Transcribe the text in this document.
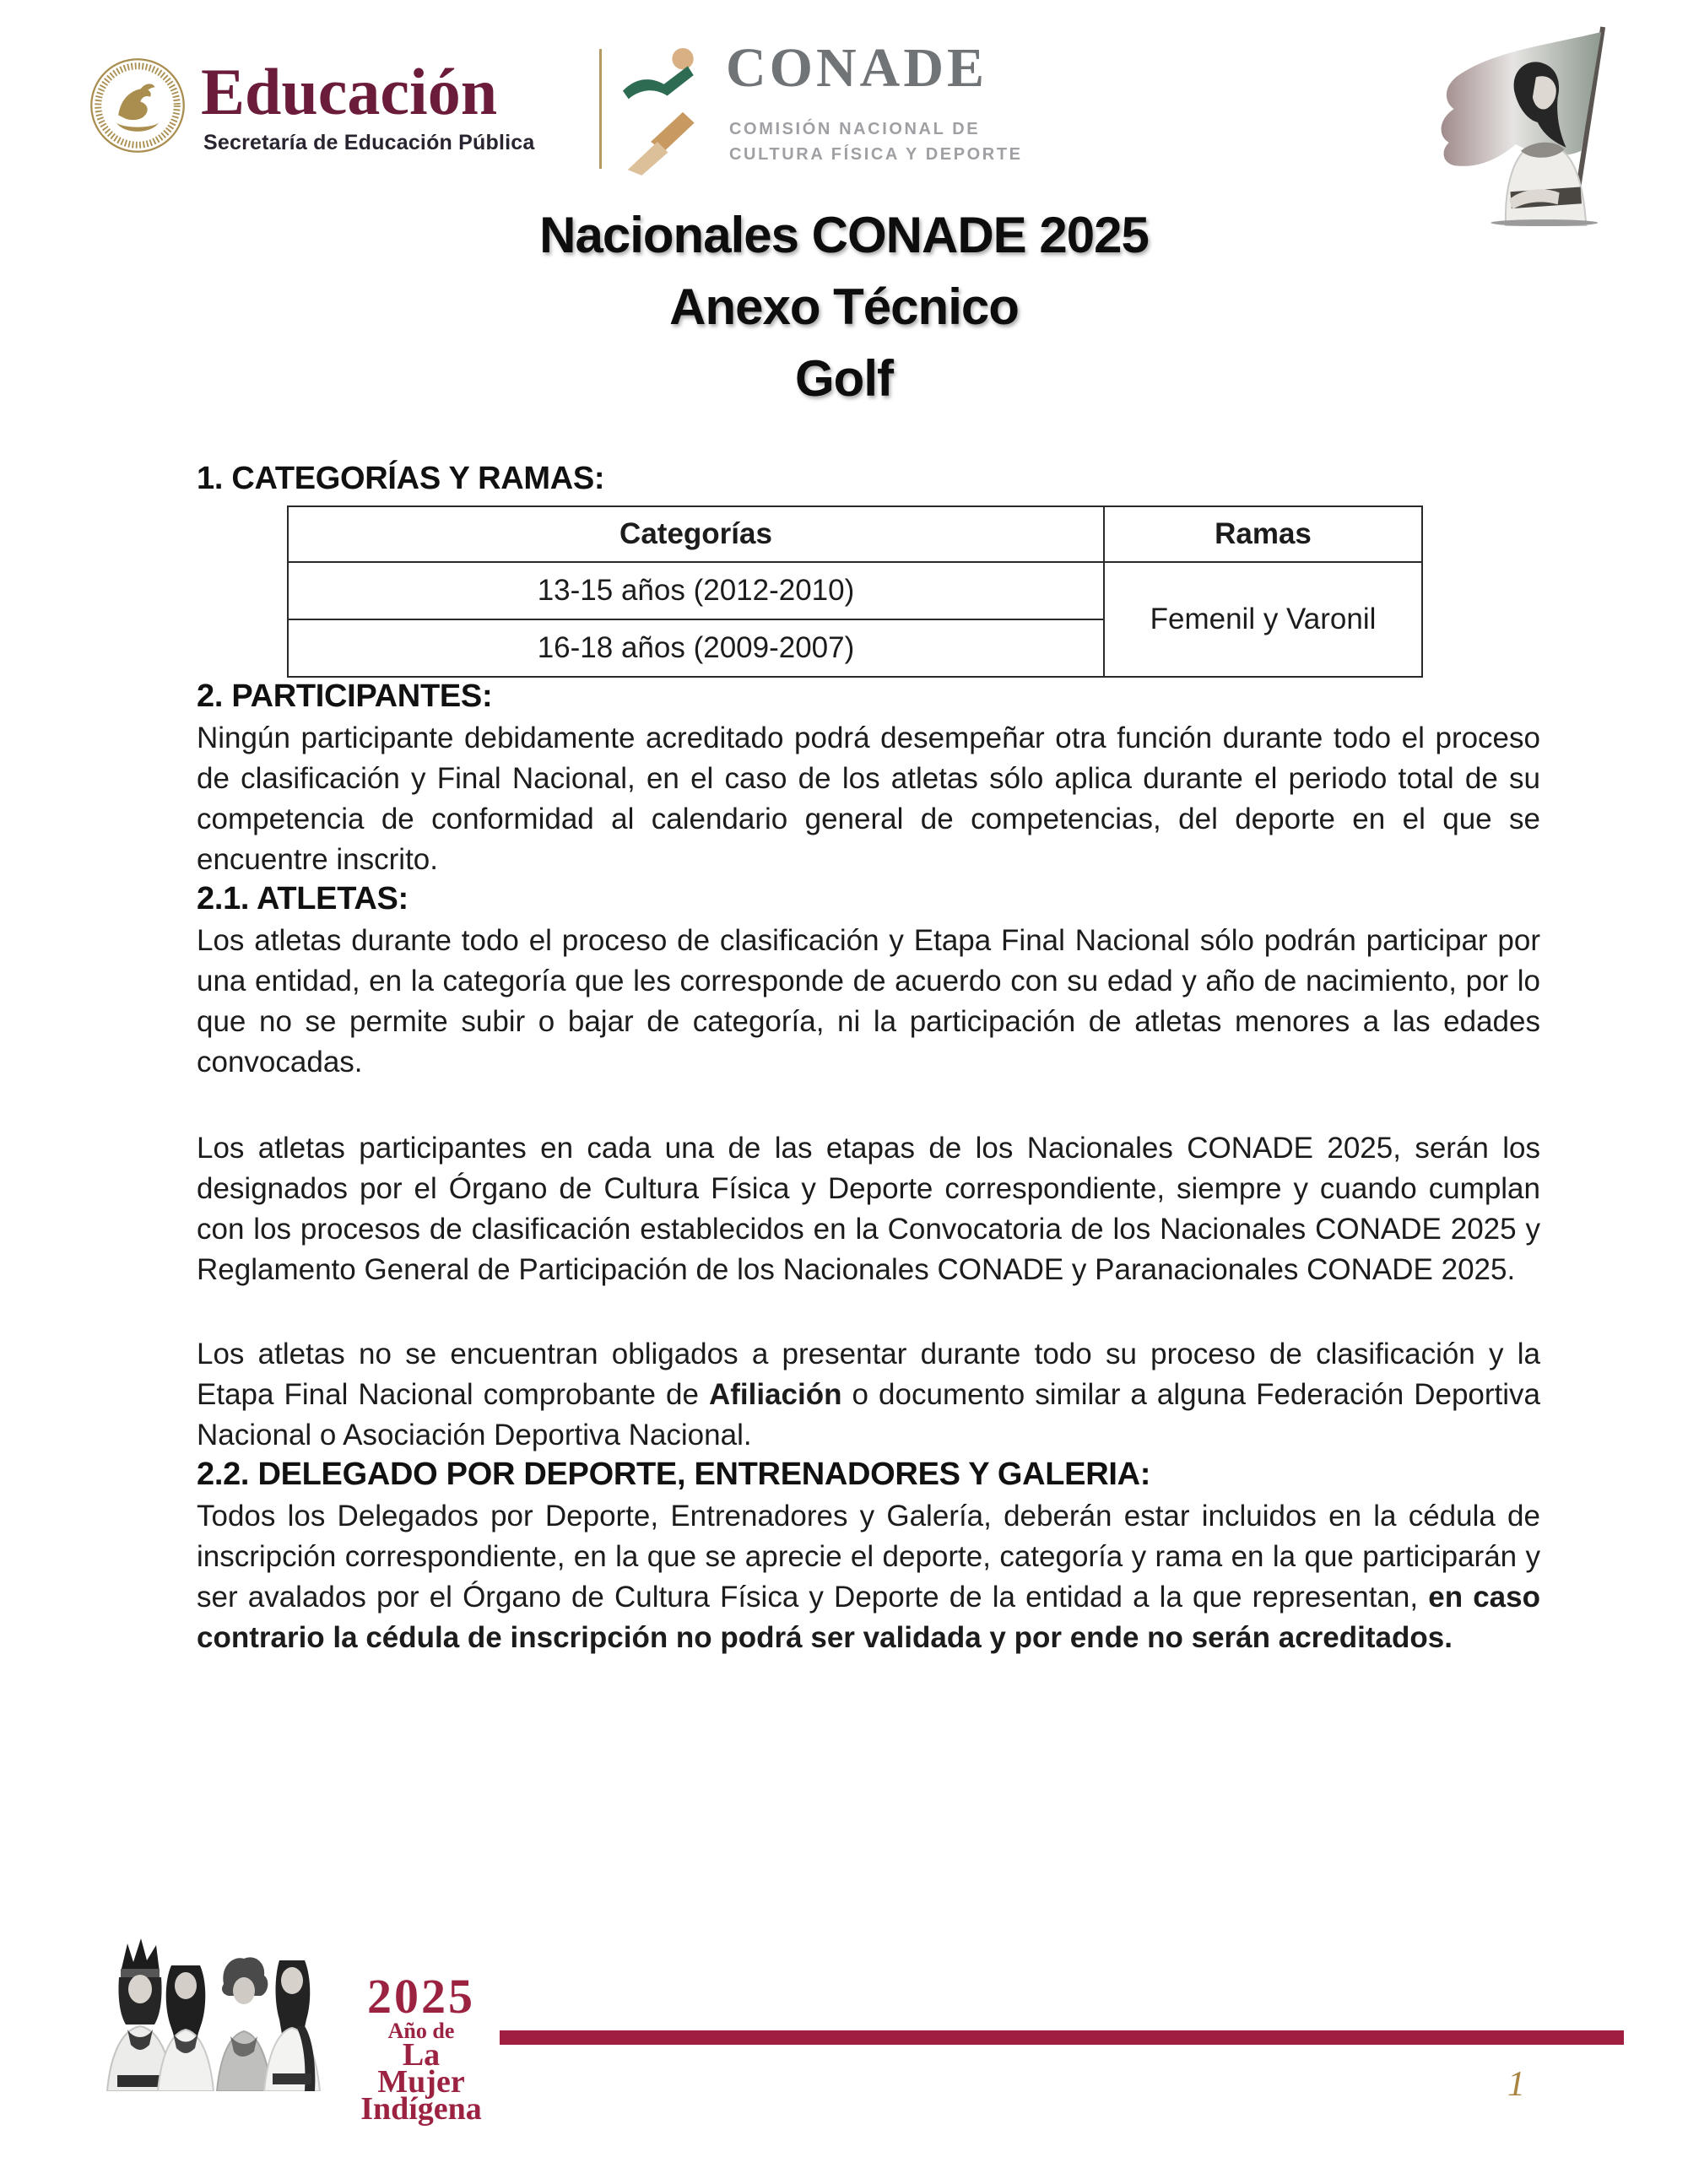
Educación
Secretaría de Educación Pública
CONADE
COMISIÓN NACIONAL DE
CULTURA FÍSICA Y DEPORTE
Nacionales CONADE 2025
Anexo Técnico
Golf
1. CATEGORÍAS Y RAMAS:
Categorías	Ramas
13-15 años (2012-2010)	Femenil y Varonil
16-18 años (2009-2007)	
2. PARTICIPANTES:

Ningún participante debidamente acreditado podrá desempeñar otra función durante todo el proceso de clasificación y Final Nacional, en el caso de los atletas sólo aplica durante el periodo total de su competencia de conformidad al calendario general de competencias, del deporte en el que se encuentre inscrito.

2.1. ATLETAS:

Los atletas durante todo el proceso de clasificación y Etapa Final Nacional sólo podrán participar por una entidad, en la categoría que les corresponde de acuerdo con su edad y año de nacimiento, por lo que no se permite subir o bajar de categoría, ni la participación de atletas menores a las edades convocadas.

Los atletas participantes en cada una de las etapas de los Nacionales CONADE 2025, serán los designados por el Órgano de Cultura Física y Deporte correspondiente, siempre y cuando cumplan con los procesos de clasificación establecidos en la Convocatoria de los Nacionales CONADE 2025 y Reglamento General de Participación de los Nacionales CONADE y Paranacionales CONADE 2025.

Los atletas no se encuentran obligados a presentar durante todo su proceso de clasificación y la Etapa Final Nacional comprobante de Afiliación o documento similar a alguna Federación Deportiva Nacional o Asociación Deportiva Nacional.

2.2. DELEGADO POR DEPORTE, ENTRENADORES Y GALERIA:

Todos los Delegados por Deporte, Entrenadores y Galería, deberán estar incluidos en la cédula de inscripción correspondiente, en la que se aprecie el deporte, categoría y rama en la que participarán y ser avalados por el Órgano de Cultura Física y Deporte de la entidad a la que representan, en caso contrario la cédula de inscripción no podrá ser validada y por ende no serán acreditados.

2025
Año de
La Mujer
Indígena
1
